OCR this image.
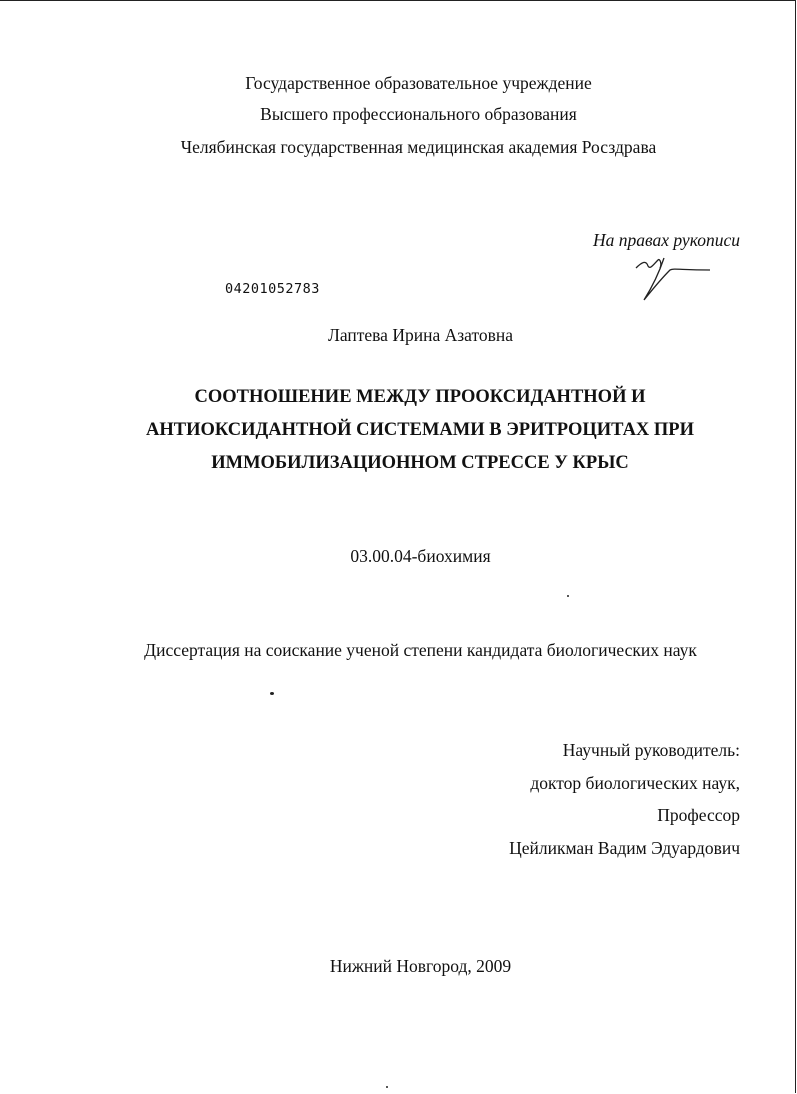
Государственное образовательное учреждение
Высшего профессионального образования
Челябинская государственная медицинская академия Росздрава
На правах рукописи
04201052783
Лаптева Ирина Азатовна
СООТНОШЕНИЕ МЕЖДУ ПРООКСИДАНТНОЙ И
АНТИОКСИДАНТНОЙ СИСТЕМАМИ В ЭРИТРОЦИТАХ ПРИ
ИММОБИЛИЗАЦИОННОМ СТРЕССЕ У КРЫС
03.00.04-биохимия
Диссертация на соискание ученой степени кандидата биологических наук
Научный руководитель:
доктор биологических наук,
Профессор
Цейликман Вадим Эдуардович
Нижний Новгород, 2009
